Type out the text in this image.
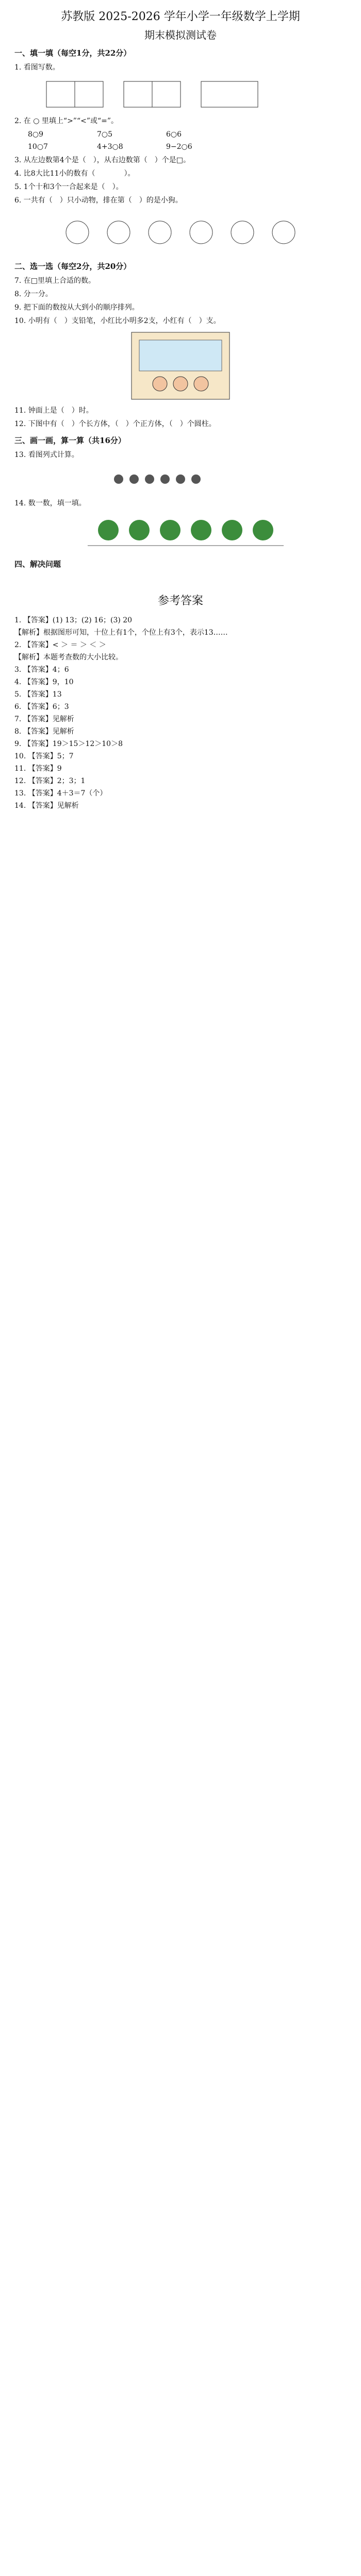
苏教版 2025-2026 学年小学一年级数学上学期
期末模拟测试卷
一、填一填（每空1分，共22分）
1. 看图写数。
2. 在 ○ 里填上“>”“<”或“=”。
8○9	7○5	6○6
10○7	4+3○8	9−2○6
3. 从左边数第4个是（　），从右边数第（　）个是□。
4. 比8大比11小的数有（　　　　）。
5. 1个十和3个一合起来是（　）。
6. 一共有（　）只小动物，排在第（　）的是小狗。
二、选一选（每空2分，共20分）
7. 在□里填上合适的数。
8. 分一分。
9. 把下面的数按从大到小的顺序排列。
10. 小明有（　）支铅笔，小红比小明多2支，小红有（　）支。
11. 钟面上是（　）时。
12. 下图中有（　）个长方体，（　）个正方体，（　）个圆柱。
三、画一画，算一算（共16分）
13. 看图列式计算。
14. 数一数，填一填。
四、解决问题
参考答案
1. 【答案】(1) 13；(2) 16；(3) 20
【解析】根据图形可知，十位上有1个，个位上有3个，表示13……
2. 【答案】< ＞ ＝ ＞ ＜ ＞
【解析】本题考查数的大小比较。
3. 【答案】4；6
4. 【答案】9，10
5. 【答案】13
6. 【答案】6；3
7. 【答案】见解析
8. 【答案】见解析
9. 【答案】19＞15＞12＞10＞8
10. 【答案】5；7
11. 【答案】9
12. 【答案】2；3；1
13. 【答案】4＋3＝7（个）
14. 【答案】见解析
